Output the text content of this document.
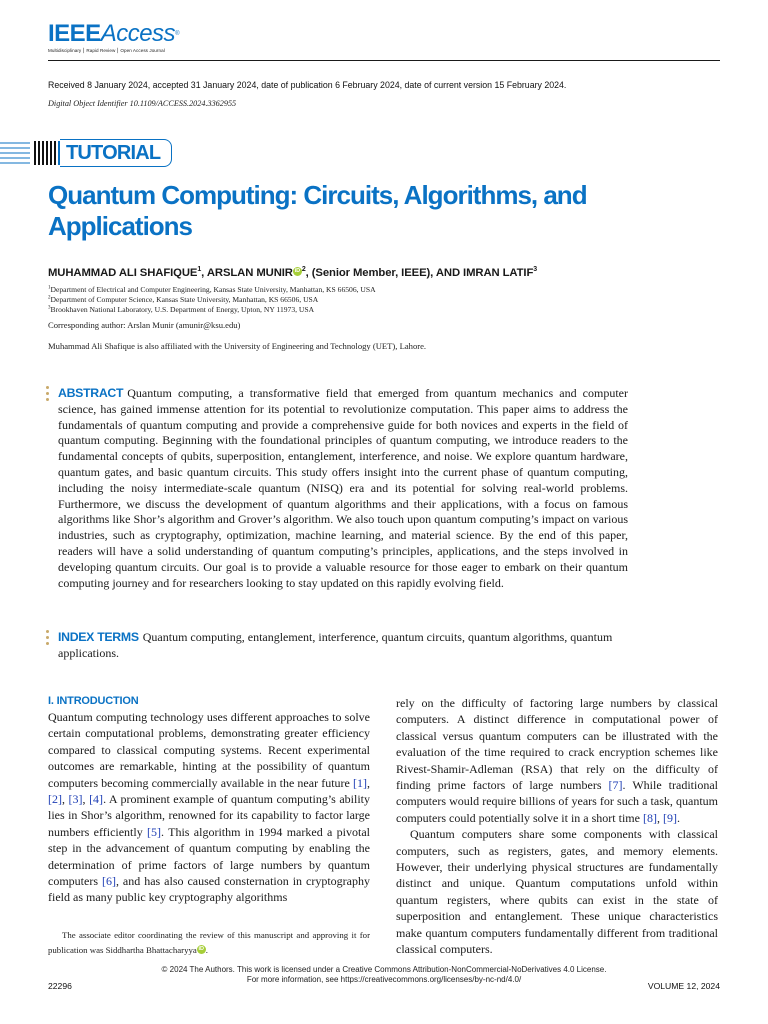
IEEEAccess®
Multidisciplinary ⎮ Rapid Review ⎮ Open Access Journal
Received 8 January 2024, accepted 31 January 2024, date of publication 6 February 2024, date of current version 15 February 2024.
Digital Object Identifier 10.1109/ACCESS.2024.3362955
TUTORIAL
Quantum Computing: Circuits, Algorithms, and Applications
MUHAMMAD ALI SHAFIQUE$^1$, ARSLAN MUNIR iD $^2$, (Senior Member, IEEE), AND IMRAN LATIF$^3$
$^1$Department of Electrical and Computer Engineering, Kansas State University, Manhattan, KS 66506, USA
$^2$Department of Computer Science, Kansas State University, Manhattan, KS 66506, USA
$^3$Brookhaven National Laboratory, U.S. Department of Energy, Upton, NY 11973, USA
Corresponding author: Arslan Munir (amunir@ksu.edu)
Muhammad Ali Shafique is also affiliated with the University of Engineering and Technology (UET), Lahore.
ABSTRACT Quantum computing, a transformative field that emerged from quantum mechanics and computer science, has gained immense attention for its potential to revolutionize computation. This paper aims to address the fundamentals of quantum computing and provide a comprehensive guide for both novices and experts in the field of quantum computing. Beginning with the foundational principles of quantum computing, we introduce readers to the fundamental concepts of qubits, superposition, entanglement, interference, and noise. We explore quantum hardware, quantum gates, and basic quantum circuits. This study offers insight into the current phase of quantum computing, including the noisy intermediate-scale quantum (NISQ) era and its potential for solving real-world problems. Furthermore, we discuss the development of quantum algorithms and their applications, with a focus on famous algorithms like Shor’s algorithm and Grover’s algorithm. We also touch upon quantum computing’s impact on various industries, such as cryptography, optimization, machine learning, and material science. By the end of this paper, readers will have a solid understanding of quantum computing’s principles, applications, and the steps involved in developing quantum circuits. Our goal is to provide a valuable resource for those eager to embark on their quantum computing journey and for researchers looking to stay updated on this rapidly evolving field.
INDEX TERMS Quantum computing, entanglement, interference, quantum circuits, quantum algorithms, quantum applications.
I. INTRODUCTION
Quantum computing technology uses different approaches to solve certain computational problems, demonstrating greater efficiency compared to classical computing systems. Recent experimental outcomes are remarkable, hinting at the possibility of quantum computers becoming commercially available in the near future [1], [2], [3], [4]. A prominent example of quantum computing’s ability lies in Shor’s algorithm, renowned for its capability to factor large numbers efficiently [5]. This algorithm in 1994 marked a pivotal step in the advancement of quantum computing by enabling the determination of prime factors of large numbers by quantum computers [6], and has also caused consternation in cryptography field as many public key cryptography algorithms
The associate editor coordinating the review of this manuscript and approving it for publication was Siddhartha Bhattacharyya iD .
rely on the difficulty of factoring large numbers by classical computers. A distinct difference in computational power of classical versus quantum computers can be illustrated with the evaluation of the time required to crack encryption schemes like Rivest-Shamir-Adleman (RSA) that rely on the difficulty of finding prime factors of large numbers [7]. While traditional computers would require billions of years for such a task, quantum computers could potentially solve it in a short time [8], [9].
Quantum computers share some components with classical computers, such as registers, gates, and memory elements. However, their underlying physical structures are fundamentally distinct and unique. Quantum computations unfold within quantum registers, where qubits can exist in the state of superposition and entanglement. These unique characteristics make quantum computers fundamentally different from traditional classical computers.
© 2024 The Authors. This work is licensed under a Creative Commons Attribution-NonCommercial-NoDerivatives 4.0 License.
For more information, see https://creativecommons.org/licenses/by-nc-nd/4.0/
22296	VOLUME 12, 2024
